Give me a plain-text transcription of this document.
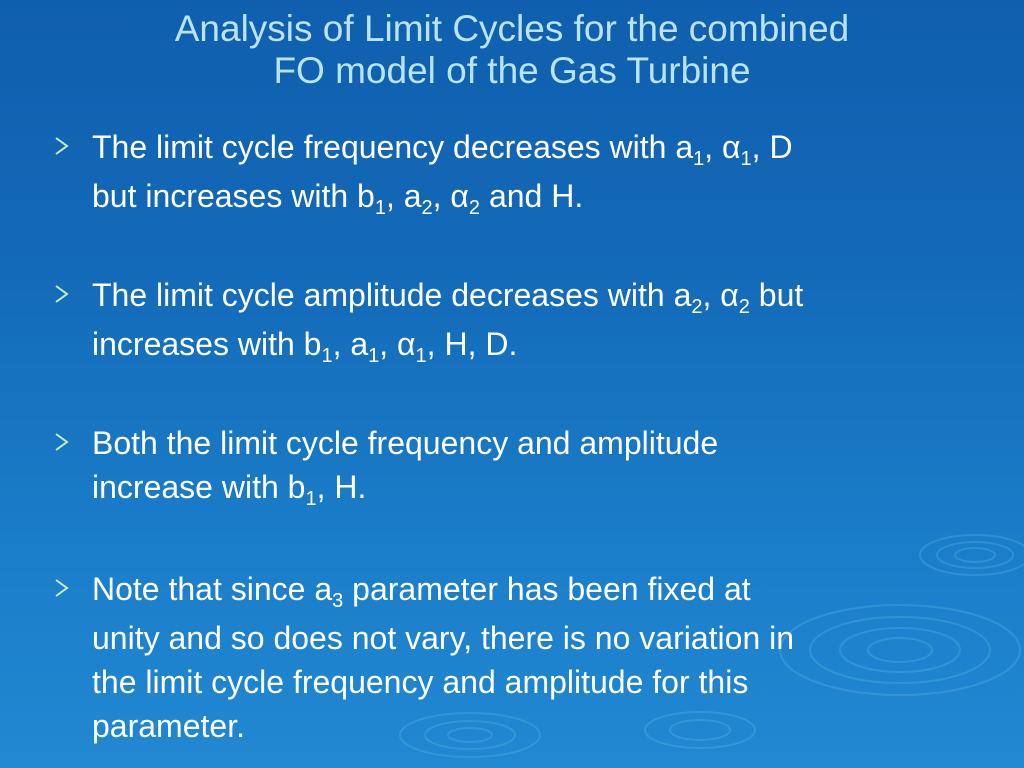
Analysis of Limit Cycles for the combined
FO model of the Gas Turbine
The limit cycle frequency decreases with $a_1$, $\alpha_1$, D
but increases with $b_1$, $a_2$, $\alpha_2$ and H.
The limit cycle amplitude decreases with $a_2$, $\alpha_2$ but
increases with $b_1$, $a_1$, $\alpha_1$, H, D.
Both the limit cycle frequency and amplitude
increase with $b_1$, H.
Note that since $a_3$ parameter has been fixed at
unity and so does not vary, there is no variation in
the limit cycle frequency and amplitude for this
parameter.
